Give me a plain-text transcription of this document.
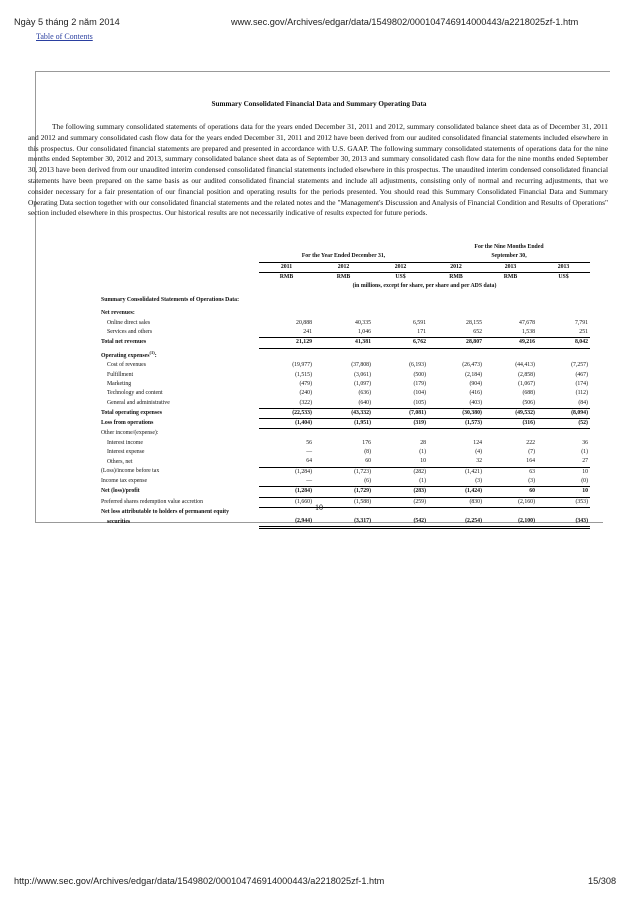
Ngày 5 tháng 2 năm 2014	www.sec.gov/Archives/edgar/data/1549802/000104746914000443/a2218025zf-1.htm
Table of Contents
Summary Consolidated Financial Data and Summary Operating Data

The following summary consolidated statements of operations data for the years ended December 31, 2011 and 2012, summary consolidated balance sheet data as of December 31, 2011 and 2012 and summary consolidated cash flow data for the years ended December 31, 2011 and 2012 have been derived from our audited consolidated financial statements included elsewhere in this prospectus. Our consolidated financial statements are prepared and presented in accordance with U.S. GAAP. The following summary consolidated statements of operations data for the nine months ended September 30, 2012 and 2013, summary consolidated balance sheet data as of September 30, 2013 and summary consolidated cash flow data for the nine months ended September 30, 2013 have been derived from our unaudited interim condensed consolidated financial statements included elsewhere in this prospectus. The unaudited interim condensed consolidated financial statements have been prepared on the same basis as our audited consolidated financial statements and include all adjustments, consisting only of normal and recurring adjustments, that we consider necessary for a fair presentation of our financial position and operating results for the periods presented. You should read this Summary Consolidated Financial Data and Summary Operating Data section together with our consolidated financial statements and the related notes and the "Management's Discussion and Analysis of Financial Condition and Results of Operations" section included elsewhere in this prospectus. Our historical results are not necessarily indicative of results expected for future periods.

				For the Nine Months Ended		
	For the Year Ended December 31,			September 30,		
	2011	2012	2012	2012	2013	2013
	RMB	RMB	US$	RMB	RMB	US$
	(in millions, except for share, per share and per ADS data)					
Summary Consolidated Statements of Operations Data:						
Net revenues:						
Online direct sales	20,888	40,335	6,591	28,155	47,678	7,791
Services and others	241	1,046	171	652	1,538	251
Total net revenues	21,129	41,381	6,762	28,807	49,216	8,042
Operating expenses$^{(1)}$:						
Cost of revenues	(19,977)	(37,808)	(6,193)	(26,473)	(44,413)	(7,257)
Fulfillment	(1,515)	(3,061)	(500)	(2,184)	(2,858)	(467)
Marketing	(479)	(1,097)	(179)	(904)	(1,067)	(174)
Technology and content	(240)	(636)	(104)	(416)	(688)	(112)
General and administrative	(322)	(640)	(105)	(403)	(506)	(84)
Total operating expenses	(22,533)	(43,332)	(7,081)	(30,380)	(49,532)	(8,094)
Loss from operations	(1,404)	(1,951)	(319)	(1,573)	(316)	(52)
Other income/(expense):						
Interest income	56	176	28	124	222	36
Interest expense	—	(8)	(1)	(4)	(7)	(1)
Others, net	64	60	10	32	164	27
(Loss)/income before tax	(1,284)	(1,723)	(282)	(1,421)	63	10
Income tax expense	—	(6)	(1)	(3)	(3)	(0)
Net (loss)/profit	(1,284)	(1,729)	(283)	(1,424)	60	10
Preferred shares redemption value accretion	(1,660)	(1,588)	(259)	(830)	(2,160)	(353)
Net loss attributable to holders of permanent equity						
securities	(2,944)	(3,317)	(542)	(2,254)	(2,100)	(343)
10
http://www.sec.gov/Archives/edgar/data/1549802/000104746914000443/a2218025zf-1.htm	15/308
